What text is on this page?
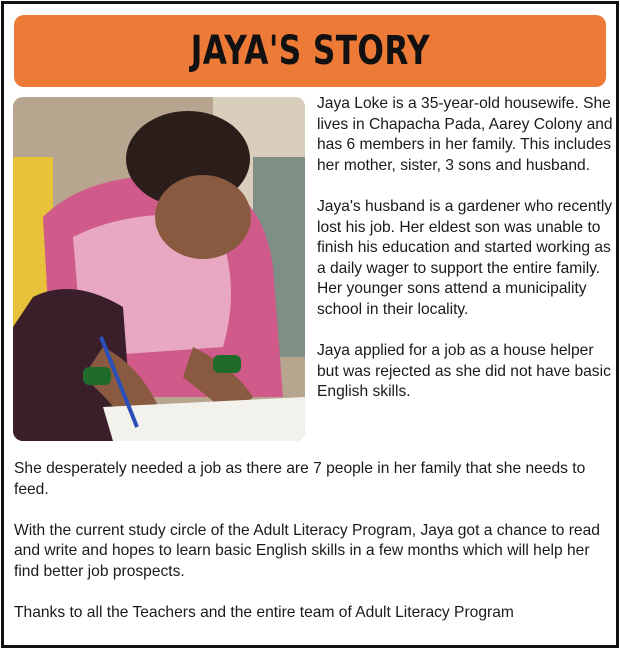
JAYA'S STORY

Jaya Loke is a 35-year-old housewife. She lives in Chapacha Pada, Aarey Colony and has 6 members in her family. This includes her mother, sister, 3 sons and husband.

Jaya's husband is a gardener who recently lost his job. Her eldest son was unable to finish his education and started working as a daily wager to support the entire family. Her younger sons attend a municipality school in their locality.

Jaya applied for a job as a house helper but was rejected as she did not have basic English skills.

She desperately needed a job as there are 7 people in her family that she needs to feed.

With the current study circle of the Adult Literacy Program, Jaya got a chance to read and write and hopes to learn basic English skills in a few months which will help her find better job prospects.

Thanks to all the Teachers and the entire team of Adult Literacy Program
